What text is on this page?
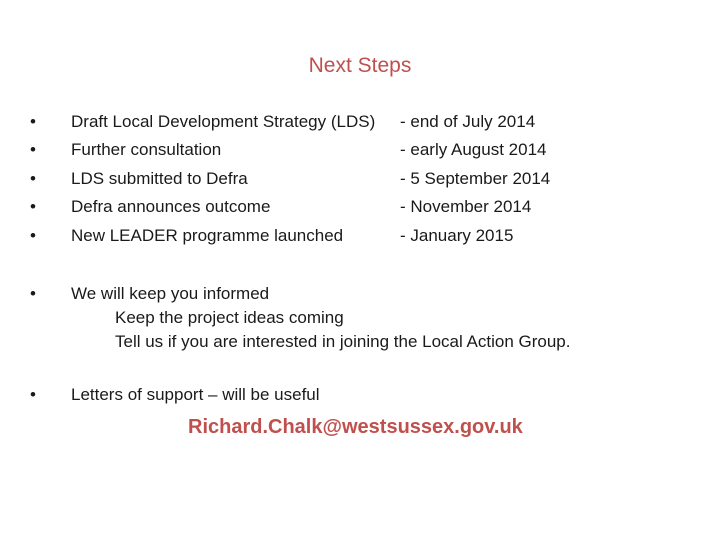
Next Steps
• Draft Local Development Strategy (LDS) - end of July 2014
• Further consultation	- early August 2014
• LDS submitted to Defra	- 5 September 2014
• Defra announces outcome	- November 2014
• New LEADER programme launched	- January 2015
• We will keep you informed
Keep the project ideas coming
Tell us if you are interested in joining the Local Action Group.
• Letters of support – will be useful
Richard.Chalk@westsussex.gov.uk
